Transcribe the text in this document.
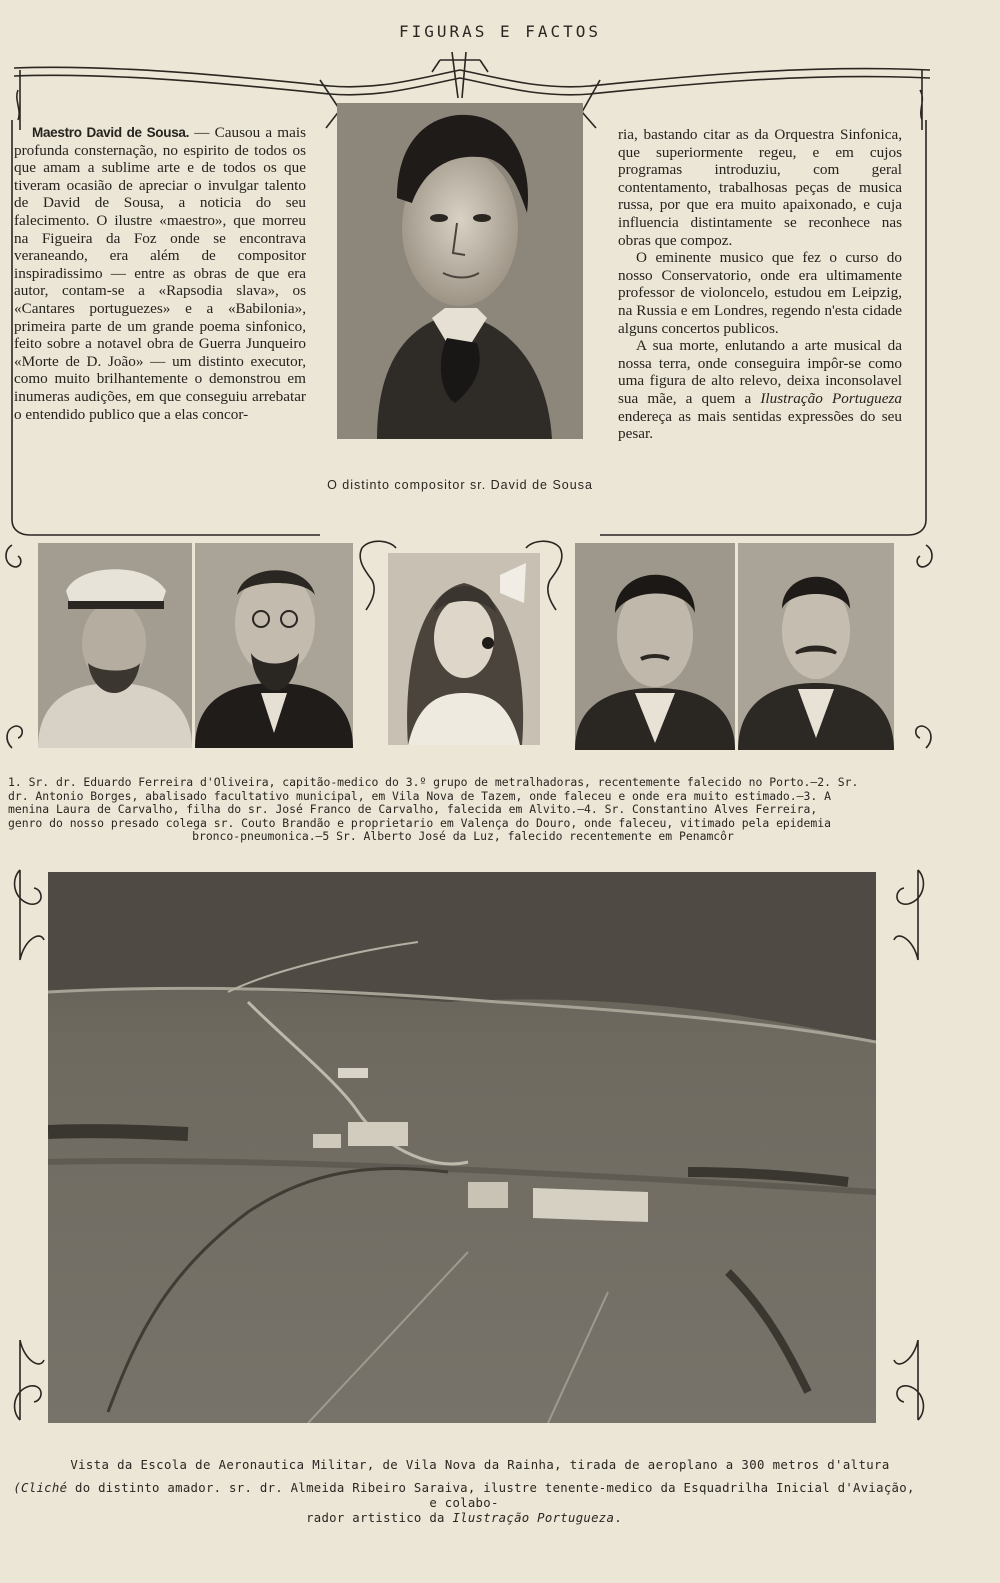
FIGURAS E FACTOS

Maestro David de Sousa. — Causou a mais profunda consternação, no espirito de todos os que amam a sublime arte e de todos os que tiveram ocasião de apreciar o invulgar talento de David de Sousa, a noticia do seu falecimento. O ilustre «maestro», que morreu na Figueira da Foz onde se encontrava veraneando, era além de compositor inspiradissimo — entre as obras de que era autor, contam-se a «Rapsodia slava», os «Cantares portuguezes» e a «Babilonia», primeira parte de um grande poema sinfonico, feito sobre a notavel obra de Guerra Junqueiro «Morte de D. João» — um distinto executor, como muito brilhantemente o demonstrou em inumeras audições, em que conseguiu arrebatar o entendido publico que a elas concor-

O distinto compositor sr. David de Sousa

ria, bastando citar as da Orquestra Sinfonica, que superiormente regeu, e em cujos programas introduziu, com geral contentamento, trabalhosas peças de musica russa, por que era muito apaixonado, e cuja influencia distintamente se reconhece nas obras que compoz.

O eminente musico que fez o curso do nosso Conservatorio, onde era ultimamente professor de violoncelo, estudou em Leipzig, na Russia e em Londres, regendo n'esta cidade alguns concertos publicos.

A sua morte, enlutando a arte musical da nossa terra, onde conseguira impôr-se como uma figura de alto relevo, deixa inconsolavel sua mãe, a quem a Ilustração Portugueza endereça as mais sentidas expressões do seu pesar.

1. Sr. dr. Eduardo Ferreira d'Oliveira, capitão-medico do 3.º grupo de metralhadoras, recentemente falecido no Porto.—2. Sr.
dr. Antonio Borges, abalisado facultativo municipal, em Vila Nova de Tazem, onde faleceu e onde era muito estimado.—3. A
menina Laura de Carvalho, filha do sr. José Franco de Carvalho, falecida em Alvito.—4. Sr. Constantino Alves Ferreira,
genro do nosso presado colega sr. Couto Brandão e proprietario em Valença do Douro, onde faleceu, vitimado pela epidemia
bronco-pneumonica.—5 Sr. Alberto José da Luz, falecido recentemente em Penamcôr
Vista da Escola de Aeronautica Militar, de Vila Nova da Rainha, tirada de aeroplano a 300 metros d'altura
(Cliché do distinto amador. sr. dr. Almeida Ribeiro Saraiva, ilustre tenente-medico da Esquadrilha Inicial d'Aviação, e colabo-
rador artistico da Ilustração Portugueza.
